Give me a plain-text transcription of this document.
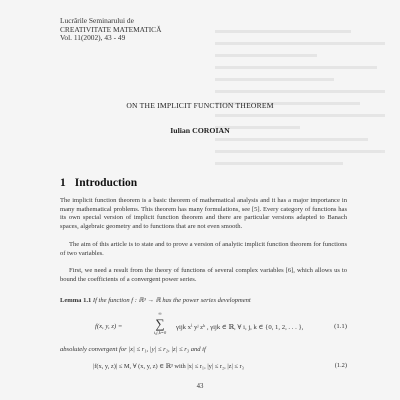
Lucrările Seminarului de
CREATIVITATE MATEMATICĂ
Vol. 11(2002), 43 - 49
ON THE IMPLICIT FUNCTION THEOREM
Iulian COROIAN
1 Introduction
The implicit function theorem is a basic theorem of mathematical analysis and it has a major importance in many mathematical problems. This theorem has many formulations, see [5]. Every category of functions has its own special version of implicit function theorem and there are particular versions adapted to Banach spaces, algebraic geometry and to functions that are not even smooth.
The aim of this article is to state and to prove a version of analytic implicit function theorem for functions of two variables.
First, we need a result from the theory of functions of several complex variables [6], which allows us to bound the coefficients of a convergent power series.
Lemma 1.1 If the function f : ℝ³ → ℝ has the power series development
f(x, y, z) =
∞
∑
i,j,k=0
γijk xⁱ yʲ zᵏ , γijk ∈ ℝ, ∀ i, j, k ∈ {0, 1, 2, . . . },	(1.1)
absolutely convergent for |x| ≤ r₁, |y| ≤ r₂, |z| ≤ r₃ and if
|f(x, y, z)| ≤ M, ∀ (x, y, z) ∈ ℝ³ with |x| ≤ r₁, |y| ≤ r₂, |z| ≤ r₃	(1.2)
43
